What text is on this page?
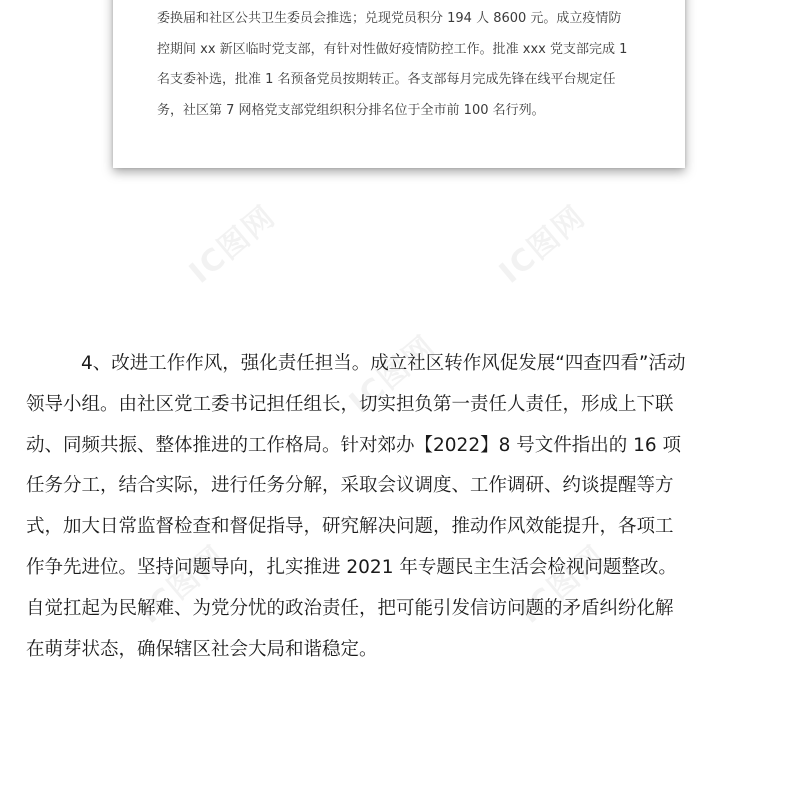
IC图网	IC图网
IC图网
IC图网	IC图网

委换届和社区公共卫生委员会推选；兑现党员积分 194 人 8600 元。成立疫情防
控期间 xx 新区临时党支部，有针对性做好疫情防控工作。批准 xxx 党支部完成 1
名支委补选，批准 1 名预备党员按期转正。各支部每月完成先锋在线平台规定任
务，社区第 7 网格党支部党组织积分排名位于全市前 100 名行列。

4、改进工作作风，强化责任担当。成立社区转作风促发展“四查四看”活动
领导小组。由社区党工委书记担任组长，切实担负第一责任人责任，形成上下联
动、同频共振、整体推进的工作格局。针对郊办【2022】8 号文件指出的 16 项
任务分工，结合实际，进行任务分解，采取会议调度、工作调研、约谈提醒等方
式，加大日常监督检查和督促指导，研究解决问题，推动作风效能提升，各项工
作争先进位。坚持问题导向，扎实推进 2021 年专题民主生活会检视问题整改。
自觉扛起为民解难、为党分忧的政治责任，把可能引发信访问题的矛盾纠纷化解
在萌芽状态，确保辖区社会大局和谐稳定。
